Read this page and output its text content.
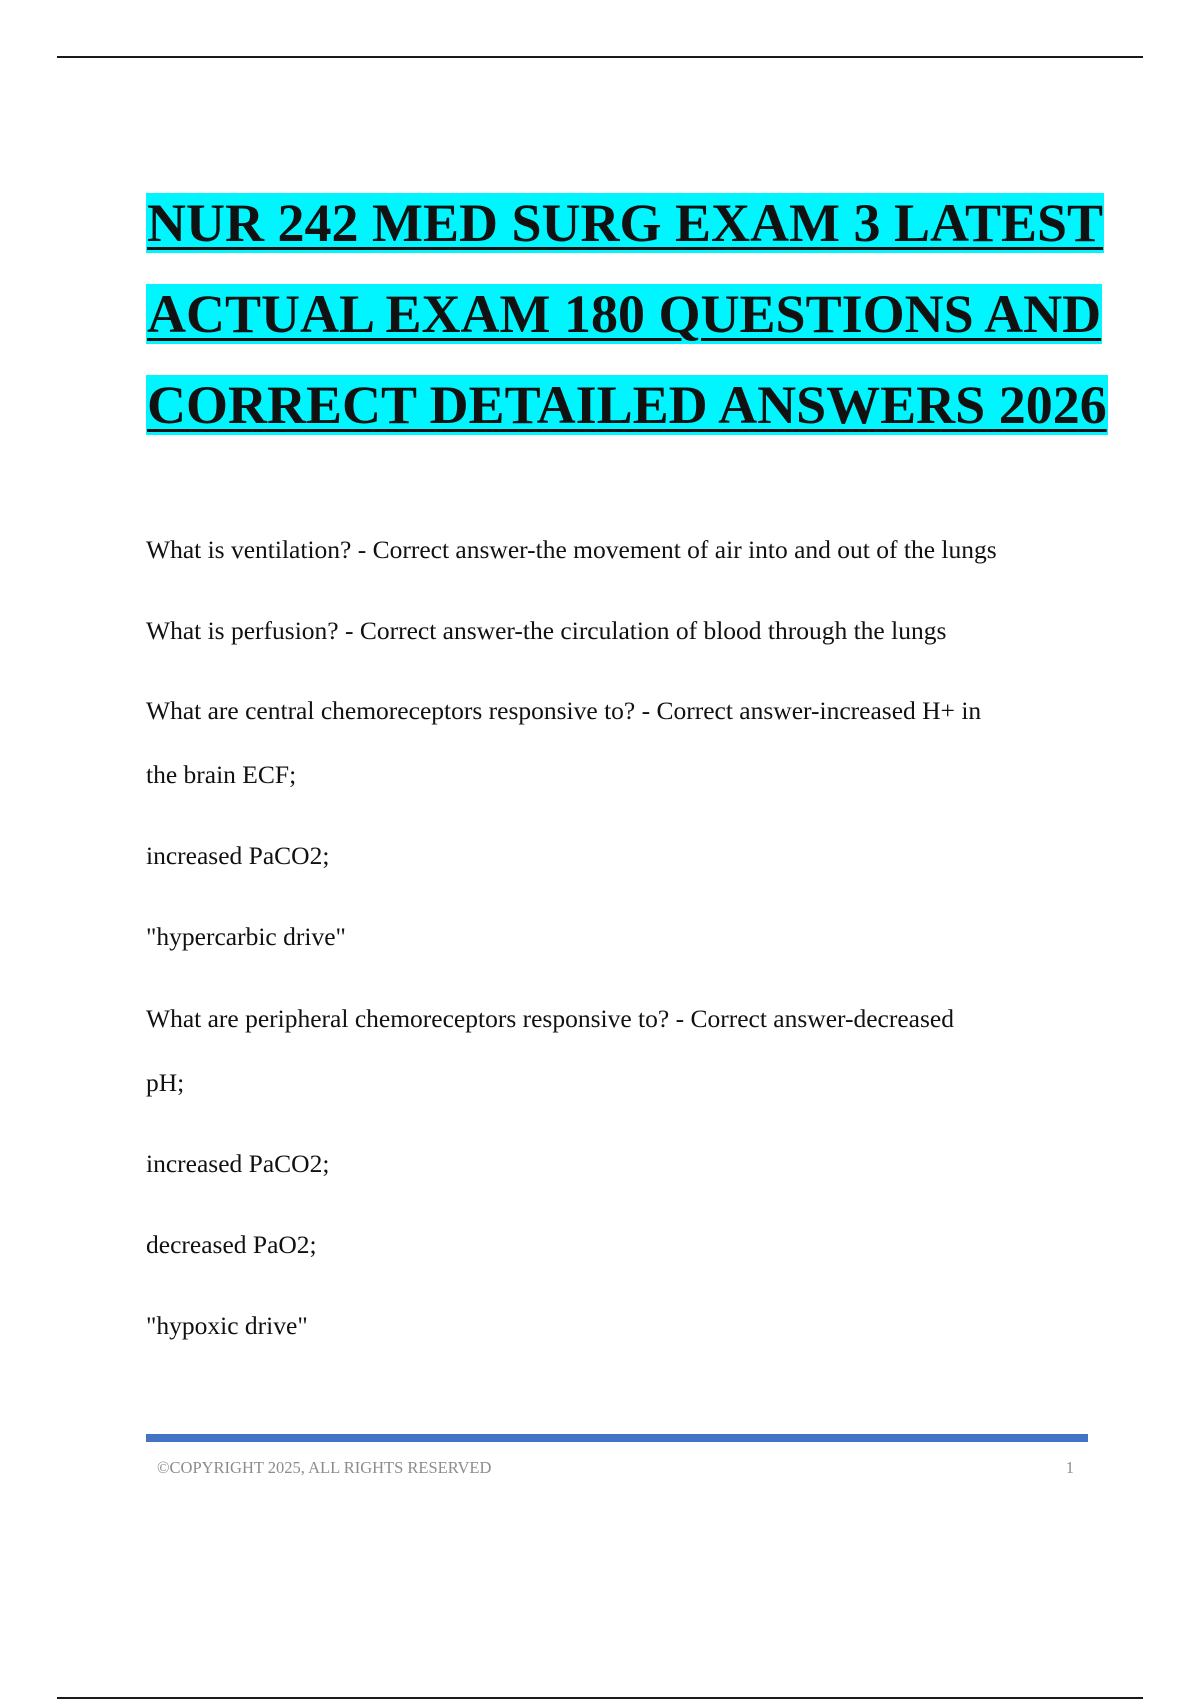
NUR 242 MED SURG EXAM 3 LATEST
ACTUAL EXAM 180 QUESTIONS AND
CORRECT DETAILED ANSWERS 2026

What is ventilation? - Correct answer-the movement of air into and out of the lungs

What is perfusion? - Correct answer-the circulation of blood through the lungs

What are central chemoreceptors responsive to? - Correct answer-increased H+ in

the brain ECF;

increased PaCO2;

"hypercarbic drive"

What are peripheral chemoreceptors responsive to? - Correct answer-decreased

pH;

increased PaCO2;

decreased PaO2;

"hypoxic drive"

©COPYRIGHT 2025, ALL RIGHTS RESERVED	1
